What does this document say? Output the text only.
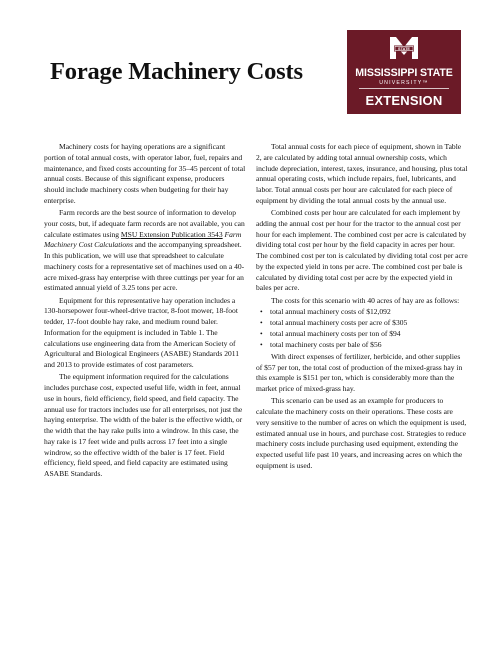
Forage Machinery Costs
STATE
MISSISSIPPI STATE
UNIVERSITY™
EXTENSION

Machinery costs for haying operations are a significant portion of total annual costs, with operator labor, fuel, repairs and maintenance, and fixed costs accounting for 35–45 percent of total annual costs. Because of this significant expense, producers should include machinery costs when budgeting for their hay enterprise.

Farm records are the best source of information to develop your costs, but, if adequate farm records are not available, you can calculate estimates using MSU Extension Publication 3543 Farm Machinery Cost Calculations and the accompanying spreadsheet. In this publication, we will use that spreadsheet to calculate machinery costs for a representative set of machines used on a 40-acre mixed-grass hay enterprise with three cuttings per year for an estimated annual yield of 3.25 tons per acre.

Equipment for this representative hay operation includes a 130-horsepower four-wheel-drive tractor, 8-foot mower, 18-foot tedder, 17-foot double hay rake, and medium round baler. Information for the equipment is included in Table 1. The calculations use engineering data from the American Society of Agricultural and Biological Engineers (ASABE) Standards 2011 and 2013 to provide estimates of cost parameters.

The equipment information required for the calculations includes purchase cost, expected useful life, width in feet, annual use in hours, field efficiency, field speed, and field capacity. The annual use for tractors includes use for all enterprises, not just the haying enterprise. The width of the baler is the effective width, or the width that the hay rake pulls into a windrow. In this case, the hay rake is 17 feet wide and pulls across 17 feet into a single windrow, so the effective width of the baler is 17 feet. Field efficiency, field speed, and field capacity are estimated using ASABE Standards.

Total annual costs for each piece of equipment, shown in Table 2, are calculated by adding total annual ownership costs, which include depreciation, interest, taxes, insurance, and housing, plus total annual operating costs, which include repairs, fuel, lubricants, and labor. Total annual costs per hour are calculated for each piece of equipment by dividing the total annual costs by the annual use.

Combined costs per hour are calculated for each implement by adding the annual cost per hour for the tractor to the annual cost per hour for each implement. The combined cost per acre is calculated by dividing total cost per hour by the field capacity in acres per hour. The combined cost per ton is calculated by dividing total cost per acre by the expected yield in tons per acre. The combined cost per bale is calculated by dividing total cost per acre by the expected yield in bales per acre.

The costs for this scenario with 40 acres of hay are as follows:

• total annual machinery costs of $12,092
• total annual machinery costs per acre of $305
• total annual machinery costs per ton of $94
• total machinery costs per bale of $56

With direct expenses of fertilizer, herbicide, and other supplies of $57 per ton, the total cost of production of the mixed-grass hay in this example is $151 per ton, which is considerably more than the market price of mixed-grass hay.

This scenario can be used as an example for producers to calculate the machinery costs on their operations. These costs are very sensitive to the number of acres on which the equipment is used, estimated annual use in hours, and purchase cost. Strategies to reduce machinery costs include purchasing used equipment, extending the expected useful life past 10 years, and increasing acres on which the equipment is used.
